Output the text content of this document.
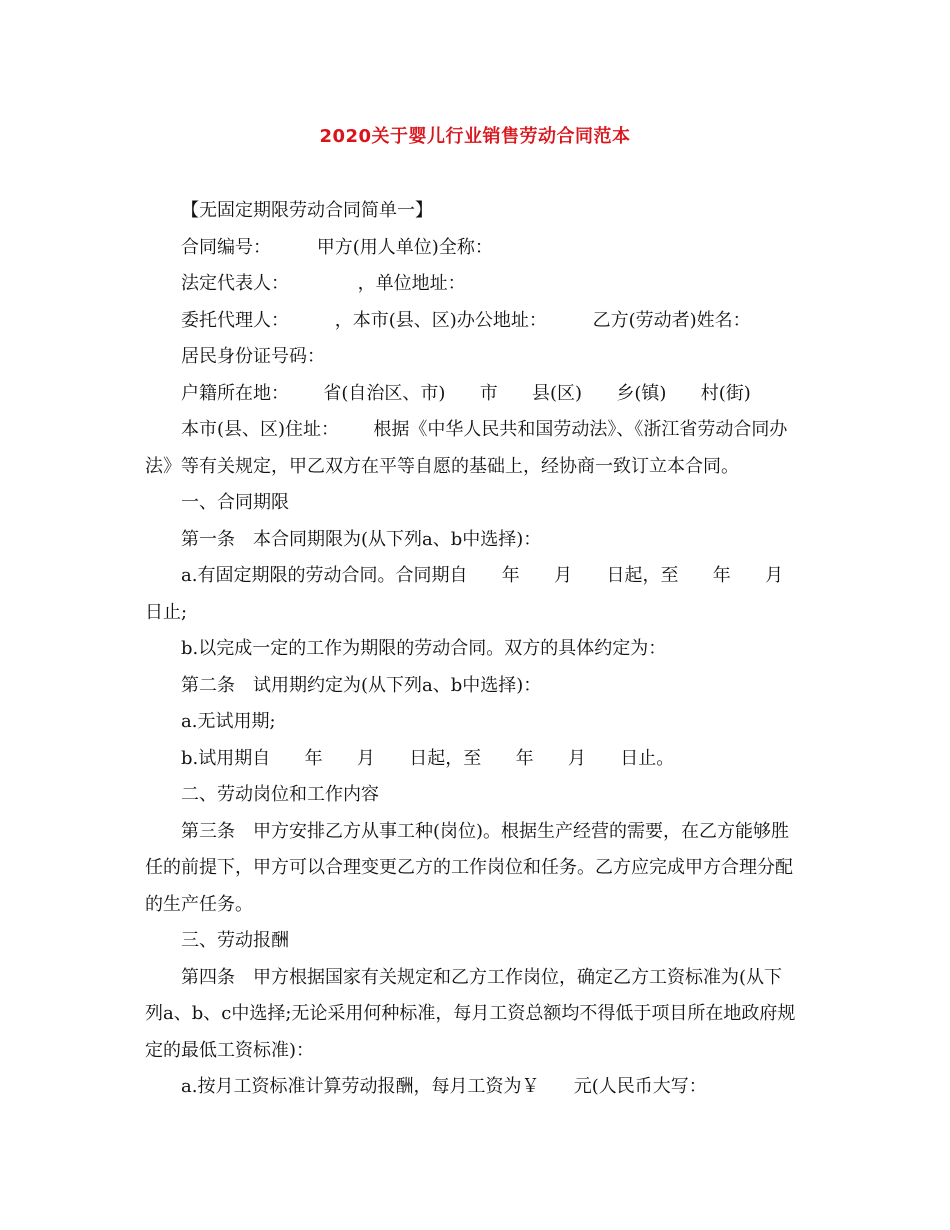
2020关于婴儿行业销售劳动合同范本

【无固定期限劳动合同简单一】

合同编号：        甲方(用人单位)全称：

法定代表人：            ，单位地址：

委托代理人：        ，本市(县、区)办公地址：        乙方(劳动者)姓名：

居民身份证号码：

户籍所在地：      省(自治区、市)      市      县(区)      乡(镇)      村(街)

本市(县、区)住址：      根据《中华人民共和国劳动法》、《浙江省劳动合同办法》等有关规定，甲乙双方在平等自愿的基础上，经协商一致订立本合同。

一、合同期限

第一条　本合同期限为(从下列a、b中选择)：

a.有固定期限的劳动合同。合同期自      年      月      日起，至      年      月      日止;

b.以完成一定的工作为期限的劳动合同。双方的具体约定为：

第二条　试用期约定为(从下列a、b中选择)：

a.无试用期;

b.试用期自      年      月      日起，至      年      月      日止。

二、劳动岗位和工作内容

第三条　甲方安排乙方从事工种(岗位)。根据生产经营的需要，在乙方能够胜任的前提下，甲方可以合理变更乙方的工作岗位和任务。乙方应完成甲方合理分配的生产任务。

三、劳动报酬

第四条　甲方根据国家有关规定和乙方工作岗位，确定乙方工资标准为(从下列a、b、c中选择;无论采用何种标准，每月工资总额均不得低于项目所在地政府规定的最低工资标准)：

a.按月工资标准计算劳动报酬，每月工资为￥      元(人民币大写：
